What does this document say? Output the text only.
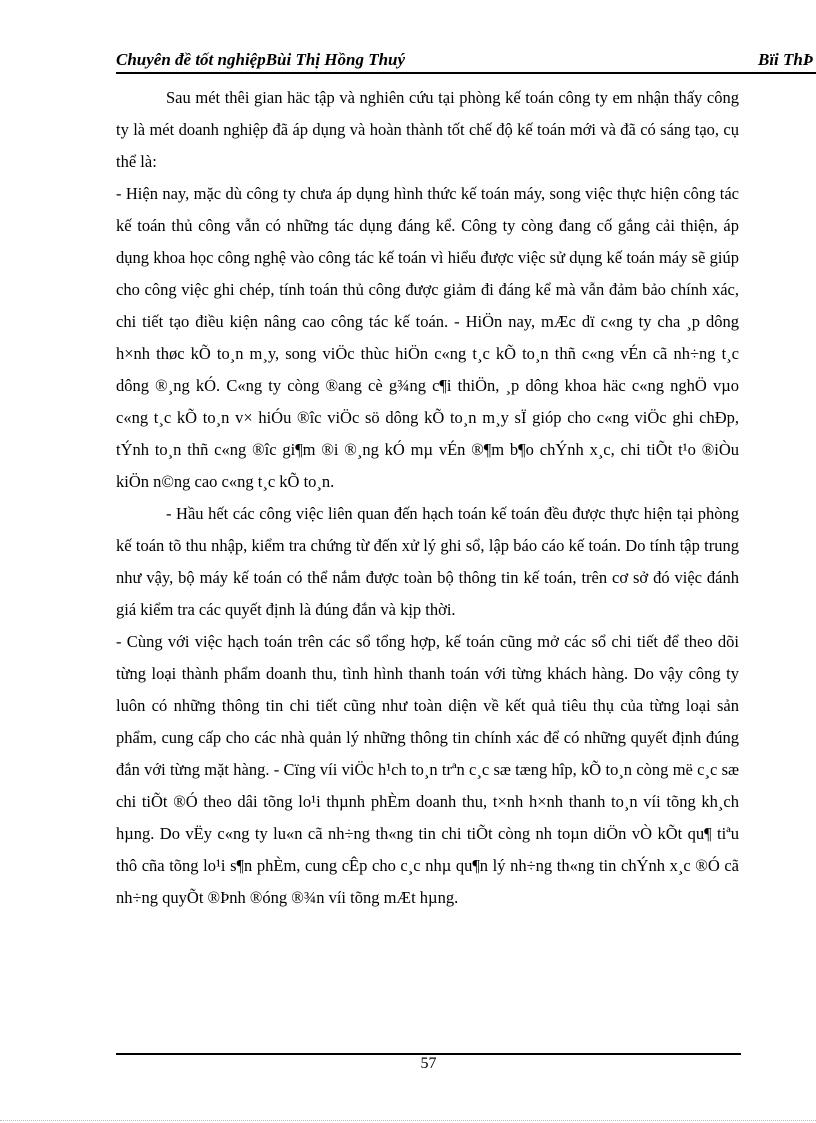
Chuyên đề tốt nghiệpBùi Thị Hồng Thuý	Bïi ThÞ

Sau mét thêi gian häc tập và nghiên cứu tại phòng kế toán công ty em nhận thấy công ty là mét doanh nghiệp đã áp dụng và hoàn thành tốt chế độ kế toán mới và đã có sáng tạo, cụ thể là:

- Hiện nay, mặc dù công ty chưa áp dụng hình thức kế toán máy, song việc thực hiện công tác kế toán thủ công vẫn có những tác dụng đáng kể. Công ty còng đang cố gắng cải thiện, áp dụng khoa học công nghệ vào công tác kế toán vì hiểu được việc sử dụng kế toán máy sẽ giúp cho công việc ghi chép, tính toán thủ công được giảm đi đáng kể mà vẫn đảm bảo chính xác, chi tiết tạo điều kiện nâng cao công tác kế toán. - HiÖn nay, mÆc dï c«ng ty cha ¸p dông h×nh thøc kÕ to¸n m¸y, song viÖc thùc hiÖn c«ng t¸c kÕ to¸n thñ c«ng vÉn cã nh÷ng t¸c dông ®¸ng kÓ. C«ng ty còng ®ang cè g¾ng c¶i thiÖn, ¸p dông khoa häc c«ng nghÖ vµo c«ng t¸c kÕ to¸n v× hiÓu ®îc viÖc sö dông kÕ to¸n m¸y sÏ gióp cho c«ng viÖc ghi chÐp, tÝnh to¸n thñ c«ng ®îc gi¶m ®i ®¸ng kÓ mµ vÉn ®¶m b¶o chÝnh x¸c, chi tiÕt t¹o ®iÒu kiÖn n©ng cao c«ng t¸c kÕ to¸n.

- Hầu hết các công việc liên quan đến hạch toán kế toán đều được thực hiện tại phòng kế toán tõ thu nhập, kiểm tra chứng từ đến xử lý ghi sổ, lập báo cáo kế toán. Do tính tập trung như vậy, bộ máy kế toán có thể nắm được toàn bộ thông tin kế toán, trên cơ sở đó việc đánh giá kiểm tra các quyết định là đúng đắn và kịp thời.

- Cùng với việc hạch toán trên các sổ tổng hợp, kế toán cũng mở các sổ chi tiết để theo dõi từng loại thành phẩm doanh thu, tình hình thanh toán với từng khách hàng. Do vậy công ty luôn có những thông tin chi tiết cũng như toàn diện về kết quả tiêu thụ của từng loại sản phẩm, cung cấp cho các nhà quản lý những thông tin chính xác để có những quyết định đúng đắn với từng mặt hàng. - Cïng víi viÖc h¹ch to¸n trªn c¸c sæ tæng hîp, kÕ to¸n còng më c¸c sæ chi tiÕt ®Ó theo dâi tõng lo¹i thµnh phÈm doanh thu, t×nh h×nh thanh to¸n víi tõng kh¸ch hµng. Do vËy c«ng ty lu«n cã nh÷ng th«ng tin chi tiÕt còng nh toµn diÖn vÒ kÕt qu¶ tiªu thô cña tõng lo¹i s¶n phÈm, cung cÊp cho c¸c nhµ qu¶n lý nh÷ng th«ng tin chÝnh x¸c ®Ó cã nh÷ng quyÕt ®Þnh ®óng ®¾n víi tõng mÆt hµng.

57
